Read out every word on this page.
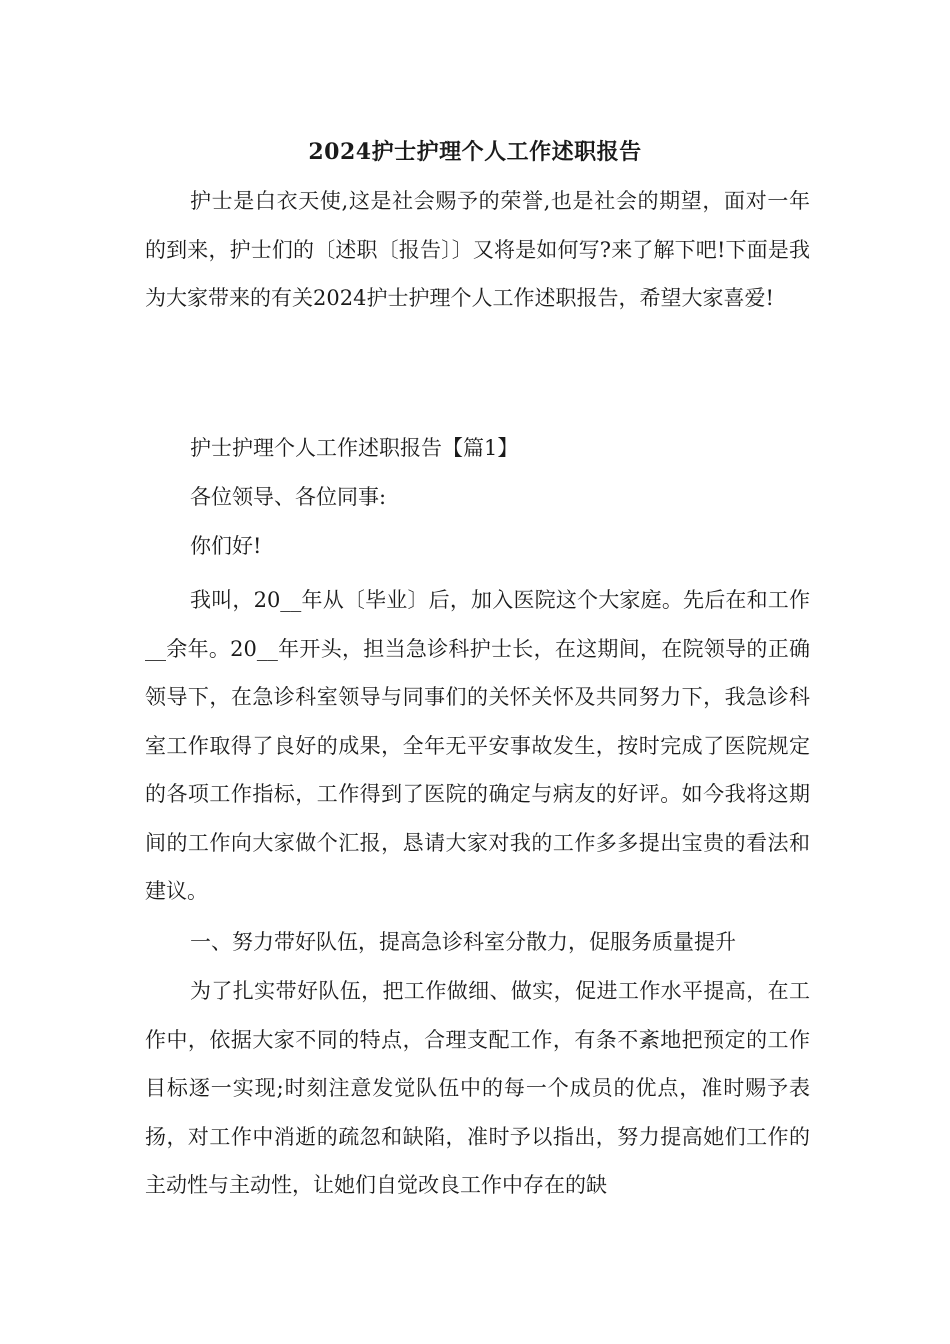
2024护士护理个人工作述职报告

护士是白衣天使,这是社会赐予的荣誉,也是社会的期望，面对一年的到来，护士们的〔述职〔报告〕〕又将是如何写?来了解下吧!下面是我为大家带来的有关2024护士护理个人工作述职报告，希望大家喜爱!

护士护理个人工作述职报告【篇1】

各位领导、各位同事:

你们好!

我叫，20__年从〔毕业〕后，加入医院这个大家庭。先后在和工作__余年。20__年开头，担当急诊科护士长，在这期间，在院领导的正确领导下，在急诊科室领导与同事们的关怀关怀及共同努力下，我急诊科室工作取得了良好的成果，全年无平安事故发生，按时完成了医院规定的各项工作指标，工作得到了医院的确定与病友的好评。如今我将这期间的工作向大家做个汇报，恳请大家对我的工作多多提出宝贵的看法和建议。

一、努力带好队伍，提高急诊科室分散力，促服务质量提升

为了扎实带好队伍，把工作做细、做实，促进工作水平提高，在工作中，依据大家不同的特点，合理支配工作，有条不紊地把预定的工作目标逐一实现;时刻注意发觉队伍中的每一个成员的优点，准时赐予表扬，对工作中消逝的疏忽和缺陷，准时予以指出，努力提高她们工作的主动性与主动性，让她们自觉改良工作中存在的缺
